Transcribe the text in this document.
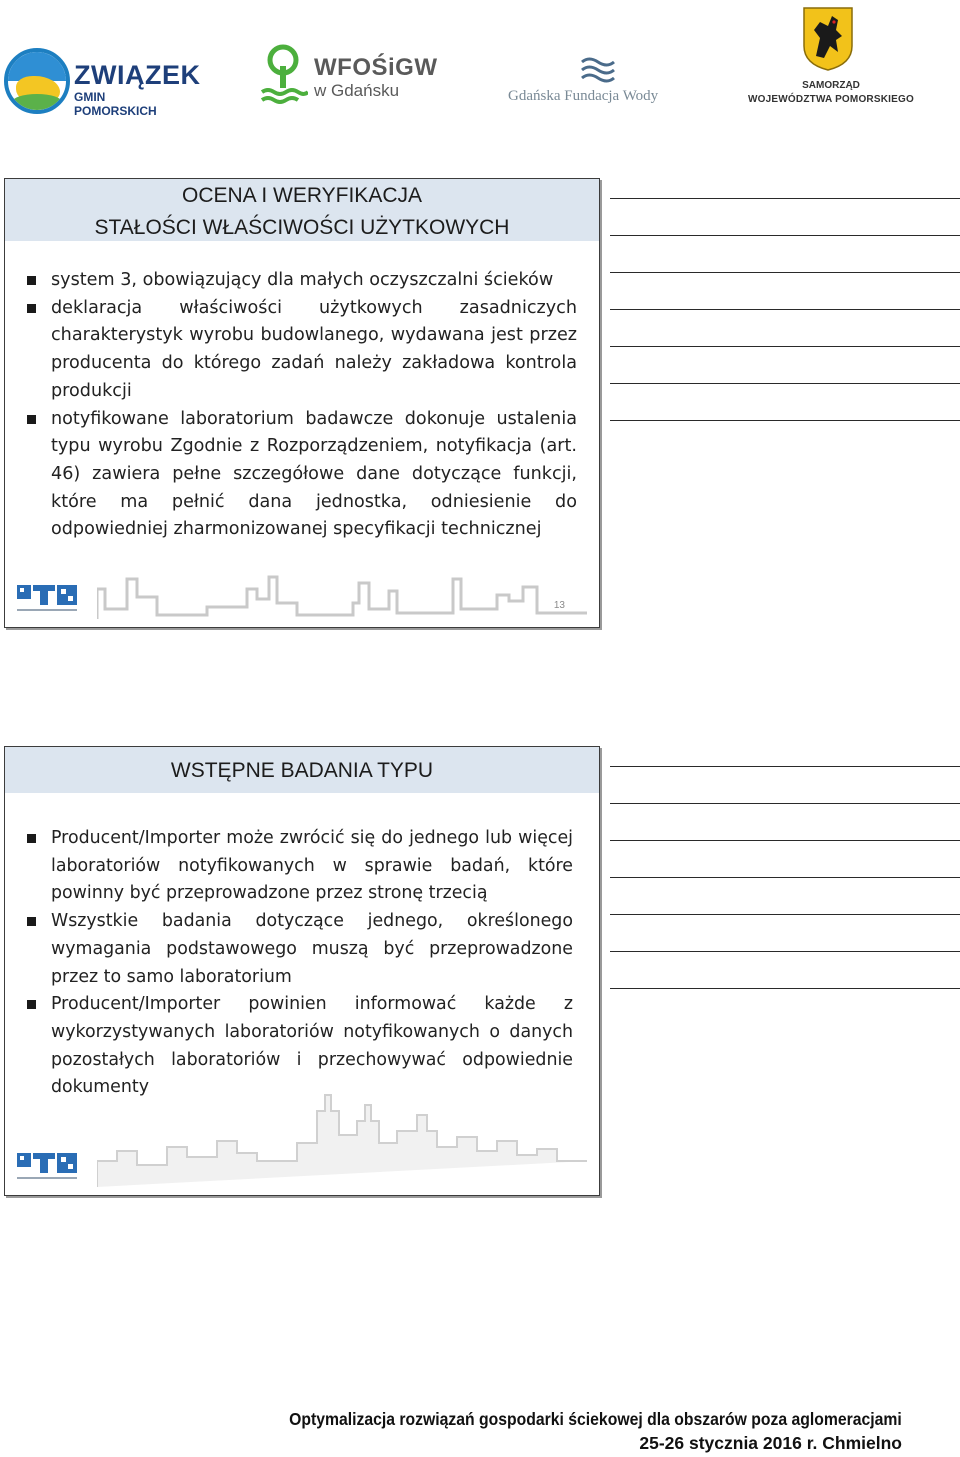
ZWIĄZEK
GMIN POMORSKICH
WFOŚiGW
w Gdańsku	Gdańska Fundacja Wody
SAMORZĄD
WOJEWÓDZTWA POMORSKIEGO
OCENA I WERYFIKACJA
STAŁOŚCI WŁAŚCIWOŚCI UŻYTKOWYCH
system 3, obowiązujący dla małych oczyszczalni ścieków
deklaracja właściwości użytkowych zasadniczych charakterystyk wyrobu budowlanego, wydawana jest przez producenta do którego zadań należy zakładowa kontrola produkcji
notyfikowane laboratorium badawcze dokonuje ustalenia typu wyrobu Zgodnie z Rozporządzeniem, notyfikacja (art. 46) zawiera pełne szczegółowe dane dotyczące funkcji, które ma pełnić dana jednostka, odniesienie do odpowiedniej zharmonizowanej specyfikacji technicznej
13
WSTĘPNE BADANIA TYPU
Producent/Importer może zwrócić się do jednego lub więcej laboratoriów notyfikowanych w sprawie badań, które powinny być przeprowadzone przez stronę trzecią
Wszystkie badania dotyczące jednego, określonego wymagania podstawowego muszą być przeprowadzone przez to samo laboratorium
Producent/Importer powinien informować każde z wykorzystywanych laboratoriów notyfikowanych o danych pozostałych laboratoriów i przechowywać odpowiednie dokumenty
Optymalizacja rozwiązań gospodarki ściekowej dla obszarów poza aglomeracjami
25-26 stycznia 2016 r. Chmielno
